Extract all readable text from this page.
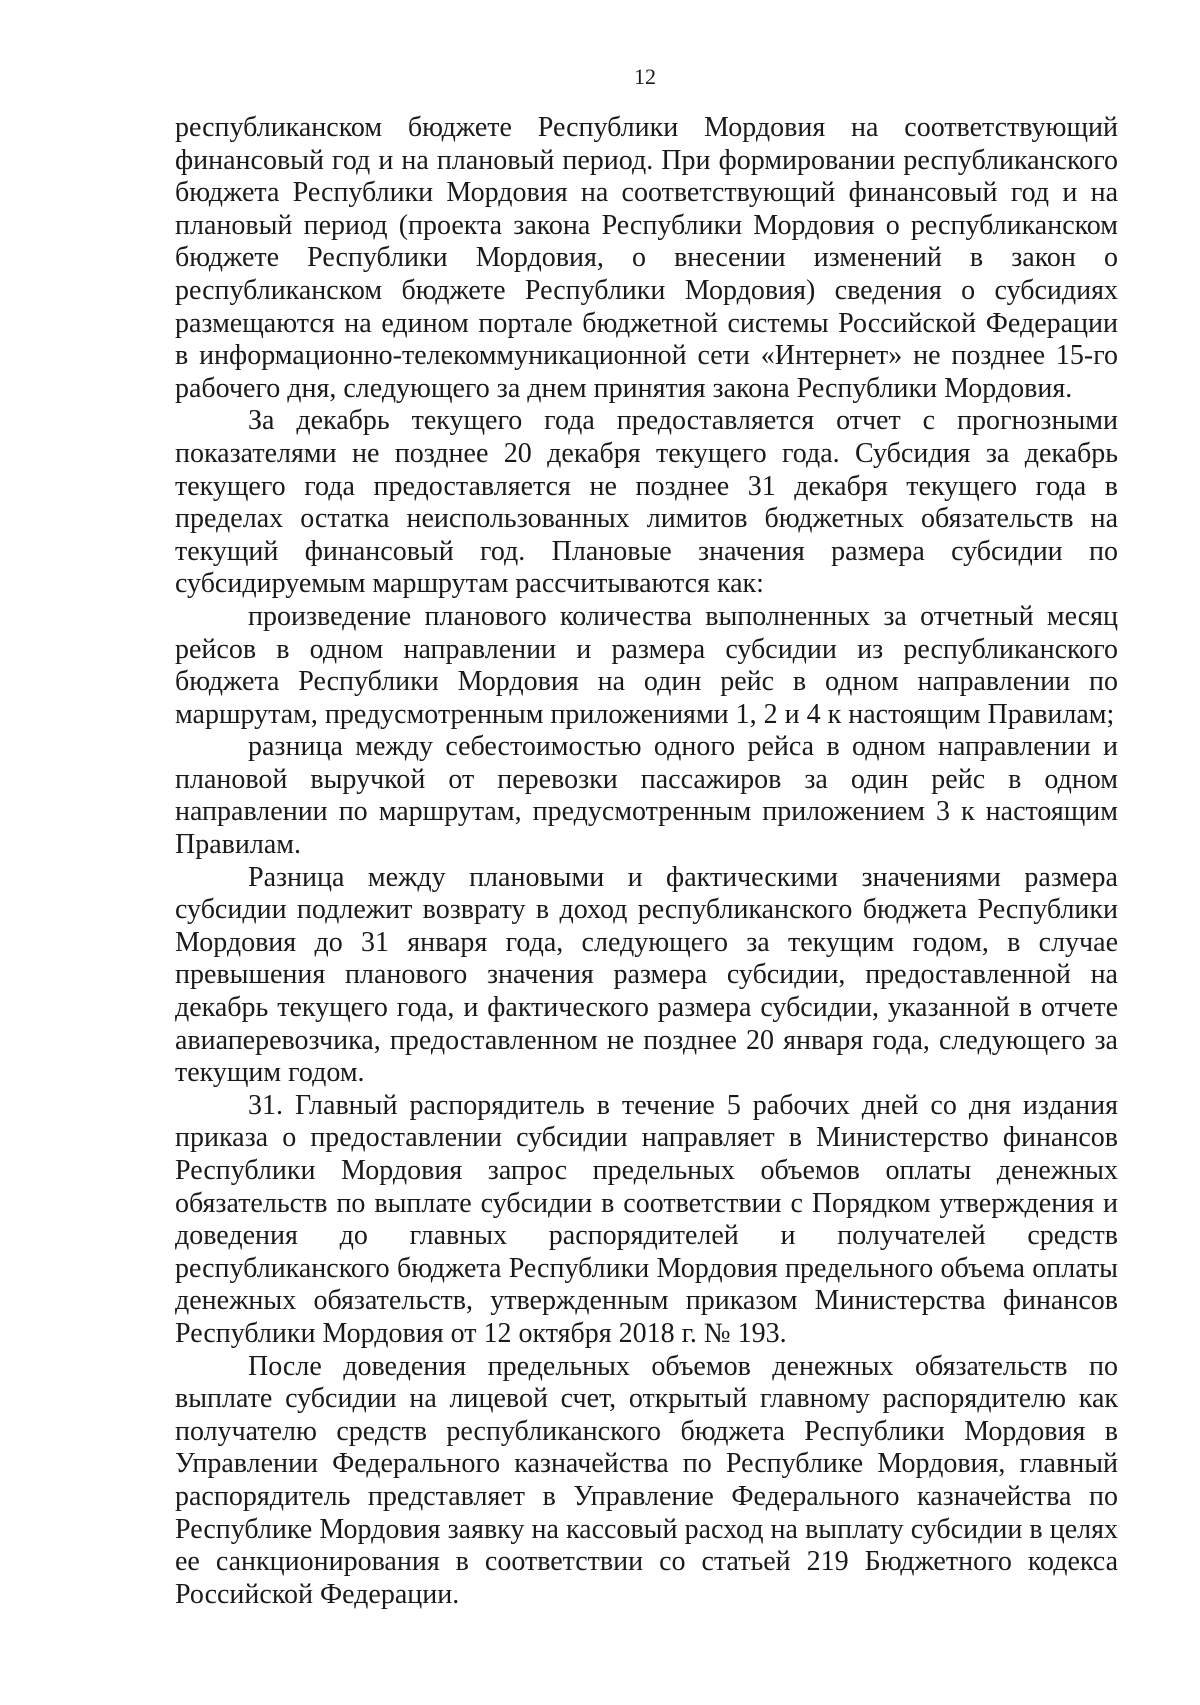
12

республиканском бюджете Республики Мордовия на соответствующий финансовый год и на плановый период. При формировании республиканского бюджета Республики Мордовия на соответствующий финансовый год и на плановый период (проекта закона Республики Мордовия о республиканском бюджете Республики Мордовия, о внесении изменений в закон о республиканском бюджете Республики Мордовия) сведения о субсидиях размещаются на едином портале бюджетной системы Российской Федерации в информационно-телекоммуникационной сети «Интернет» не позднее 15-го рабочего дня, следующего за днем принятия закона Республики Мордовия.

За декабрь текущего года предоставляется отчет с прогнозными показателями не позднее 20 декабря текущего года. Субсидия за декабрь текущего года предоставляется не позднее 31 декабря текущего года в пределах остатка неиспользованных лимитов бюджетных обязательств на текущий финансовый год. Плановые значения размера субсидии по субсидируемым маршрутам рассчитываются как:

произведение планового количества выполненных за отчетный месяц рейсов в одном направлении и размера субсидии из республиканского бюджета Республики Мордовия на один рейс в одном направлении по маршрутам, предусмотренным приложениями 1, 2 и 4 к настоящим Правилам;

разница между себестоимостью одного рейса в одном направлении и плановой выручкой от перевозки пассажиров за один рейс в одном направлении по маршрутам, предусмотренным приложением 3 к настоящим Правилам.

Разница между плановыми и фактическими значениями размера субсидии подлежит возврату в доход республиканского бюджета Республики Мордовия до 31 января года, следующего за текущим годом, в случае превышения планового значения размера субсидии, предоставленной на декабрь текущего года, и фактического размера субсидии, указанной в отчете авиаперевозчика, предоставленном не позднее 20 января года, следующего за текущим годом.

31. Главный распорядитель в течение 5 рабочих дней со дня издания приказа о предоставлении субсидии направляет в Министерство финансов Республики Мордовия запрос предельных объемов оплаты денежных обязательств по выплате субсидии в соответствии с Порядком утверждения и доведения до главных распорядителей и получателей средств республиканского бюджета Республики Мордовия предельного объема оплаты денежных обязательств, утвержденным приказом Министерства финансов Республики Мордовия от 12 октября 2018 г. № 193.

После доведения предельных объемов денежных обязательств по выплате субсидии на лицевой счет, открытый главному распорядителю как получателю средств республиканского бюджета Республики Мордовия в Управлении Федерального казначейства по Республике Мордовия, главный распорядитель представляет в Управление Федерального казначейства по Республике Мордовия заявку на кассовый расход на выплату субсидии в целях ее санкционирования в соответствии со статьей 219 Бюджетного кодекса Российской Федерации.
